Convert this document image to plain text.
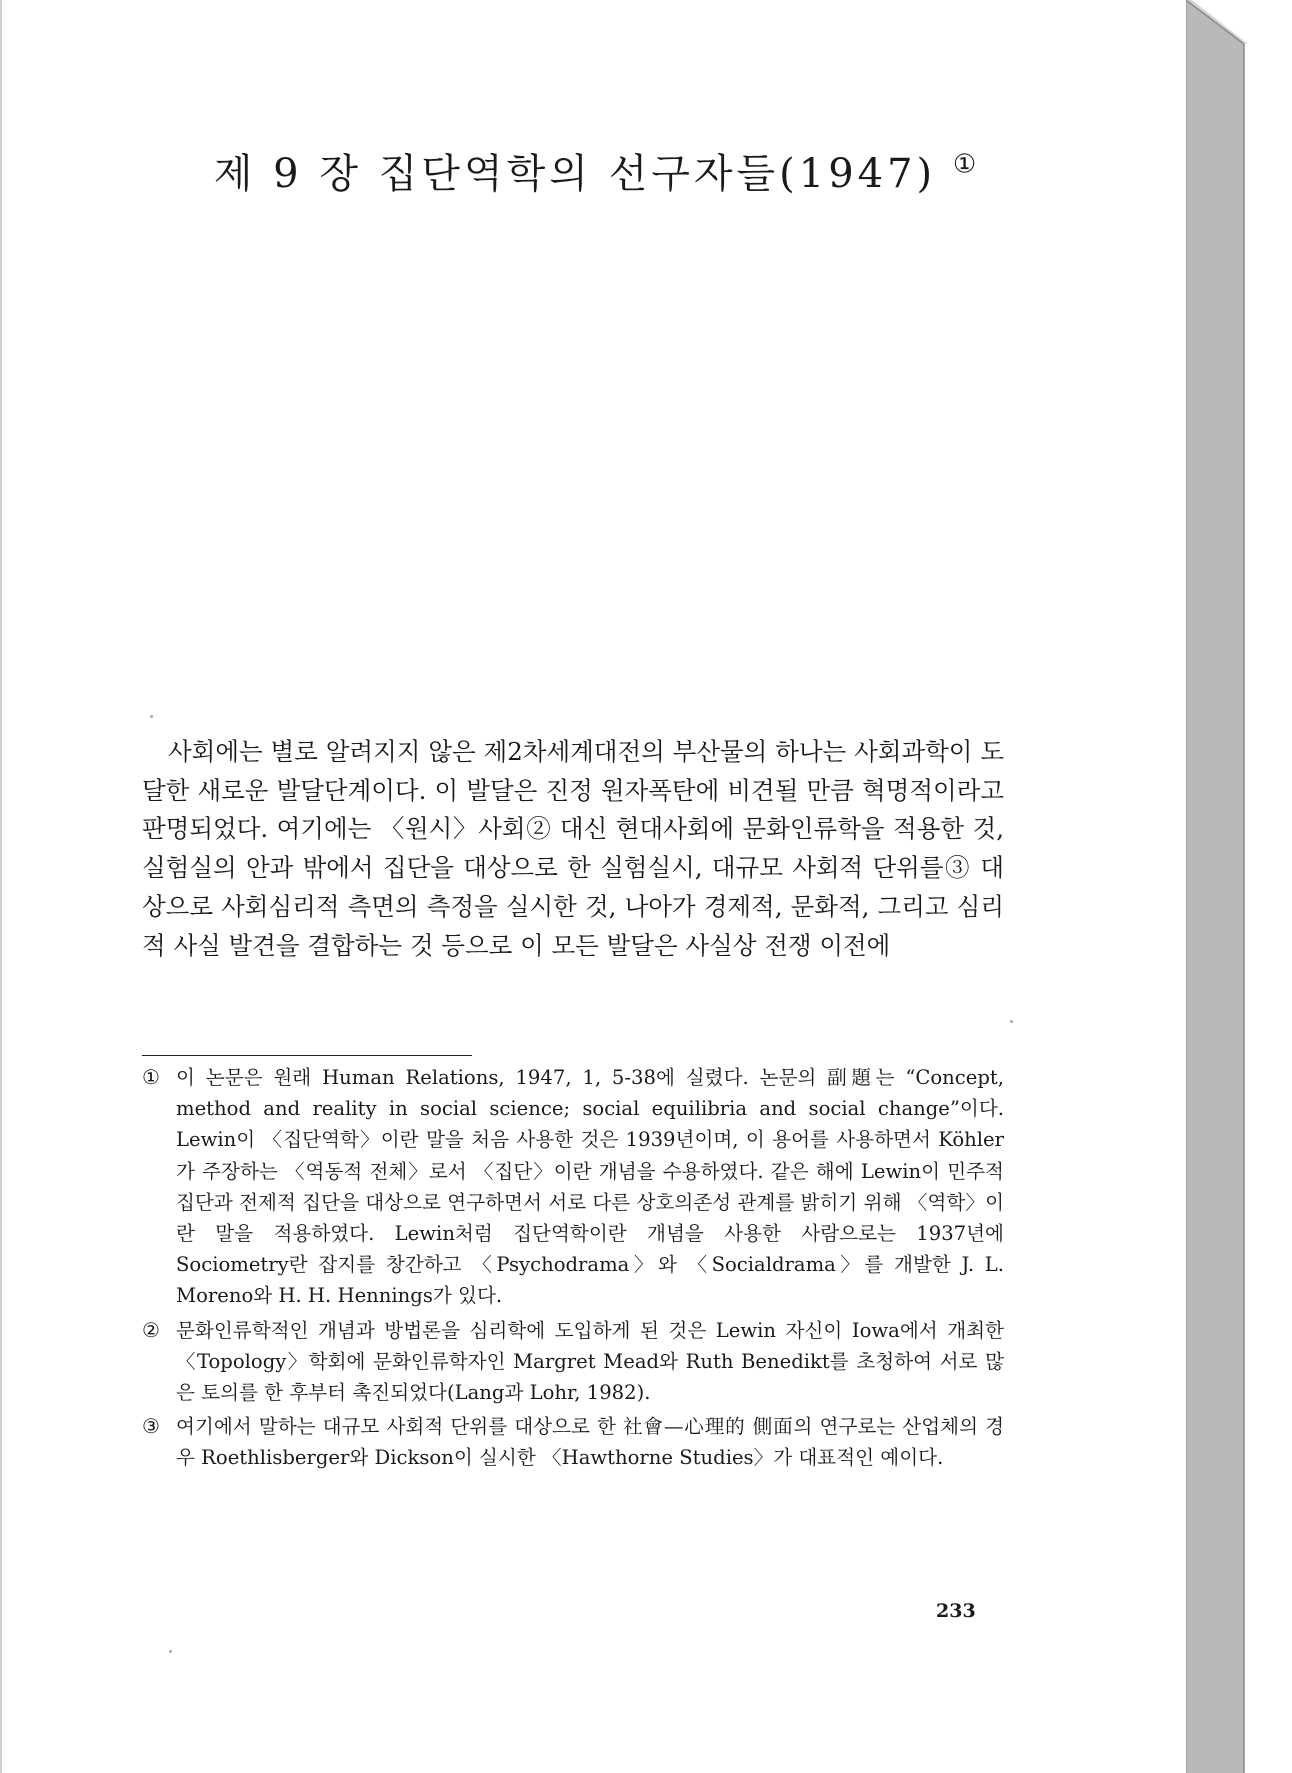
제 9 장 집단역학의 선구자들(1947) ①

사회에는 별로 알려지지 않은 제2차세계대전의 부산물의 하나는 사회과학이 도달한 새로운 발달단계이다. 이 발달은 진정 원자폭탄에 비견될 만큼 혁명적이라고 판명되었다. 여기에는 〈원시〉사회② 대신 현대사회에 문화인류학을 적용한 것, 실험실의 안과 밖에서 집단을 대상으로 한 실험실시, 대규모 사회적 단위를③ 대상으로 사회심리적 측면의 측정을 실시한 것, 나아가 경제적, 문화적, 그리고 심리적 사실 발견을 결합하는 것 등으로 이 모든 발달은 사실상 전쟁 이전에

① 이 논문은 원래 Human Relations, 1947, 1, 5-38에 실렸다. 논문의 副題는 “Concept, method and reality in social science; social equilibria and social change”이다. Lewin이 〈집단역학〉이란 말을 처음 사용한 것은 1939년이며, 이 용어를 사용하면서 Köhler가 주장하는 〈역동적 전체〉로서 〈집단〉이란 개념을 수용하였다. 같은 해에 Lewin이 민주적 집단과 전제적 집단을 대상으로 연구하면서 서로 다른 상호의존성 관계를 밝히기 위해 〈역학〉이란 말을 적용하였다. Lewin처럼 집단역학이란 개념을 사용한 사람으로는 1937년에 Sociometry란 잡지를 창간하고 〈Psychodrama〉와 〈Socialdrama〉를 개발한 J. L. Moreno와 H. H. Hennings가 있다.
② 문화인류학적인 개념과 방법론을 심리학에 도입하게 된 것은 Lewin 자신이 Iowa에서 개최한 〈Topology〉학회에 문화인류학자인 Margret Mead와 Ruth Benedikt를 초청하여 서로 많은 토의를 한 후부터 촉진되었다(Lang과 Lohr, 1982).
③ 여기에서 말하는 대규모 사회적 단위를 대상으로 한 社會—心理的 側面의 연구로는 산업체의 경우 Roethlisberger와 Dickson이 실시한 〈Hawthorne Studies〉가 대표적인 예이다.
233
